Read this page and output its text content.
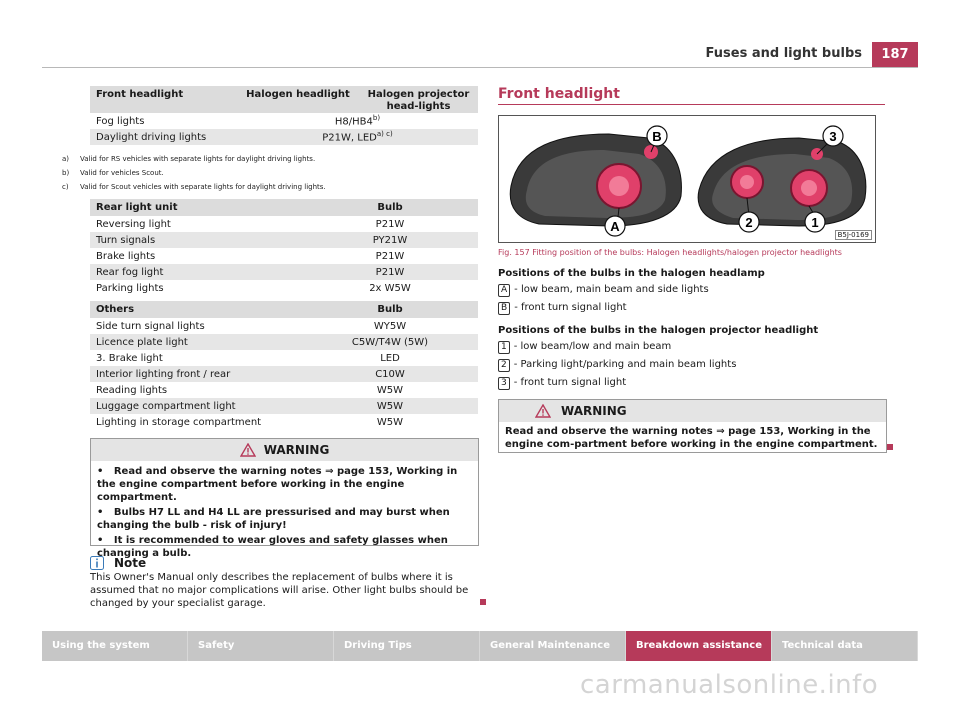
Fuses and light bulbs	187
Front headlight	Halogen headlight	Halogen projector head-lights
Fog lights	H8/HB4$^{b)}$
Daylight driving lights	P21W, $LED^{a) c)}$
a) Valid for RS vehicles with separate lights for daylight driving lights.
b) Valid for vehicles Scout.
c) Valid for Scout vehicles with separate lights for daylight driving lights.
Rear light unit	Bulb
Reversing light	P21W
Turn signals	PY21W
Brake lights	P21W
Rear fog light	P21W
Parking lights	2x W5W
Others	Bulb
Side turn signal lights	WY5W
Licence plate light	C5W/T4W (5W)
3. Brake light	LED
Interior lighting front / rear	C10W
Reading lights	W5W
Luggage compartment light	W5W
Lighting in storage compartment	W5W
WARNING
•   Read and observe the warning notes ⇒ page 153, Working in the engine compartment before working in the engine compartment.
•   Bulbs H7 LL and H4 LL are pressurised and may burst when changing the bulb - risk of injury!
•   It is recommended to wear gloves and safety glasses when changing a bulb.
Note
This Owner's Manual only describes the replacement of bulbs where it is assumed that no major complications will arise. Other light bulbs should be changed by your specialist garage.
Front headlight
B
A
3
2	1
B5J-0169
Fig. 157 Fitting position of the bulbs: Halogen headlights/halogen projector headlights
Positions of the bulbs in the halogen headlamp
A - low beam, main beam and side lights
B - front turn signal light
Positions of the bulbs in the halogen projector headlight
1 - low beam/low and main beam
2 - Parking light/parking and main beam lights
3 - front turn signal light
WARNING
Read and observe the warning notes ⇒ page 153, Working in the engine com-partment before working in the engine compartment.
Using the system	Safety	Driving Tips	General Maintenance	Breakdown assistance	Technical data
carmanualsonline.info
